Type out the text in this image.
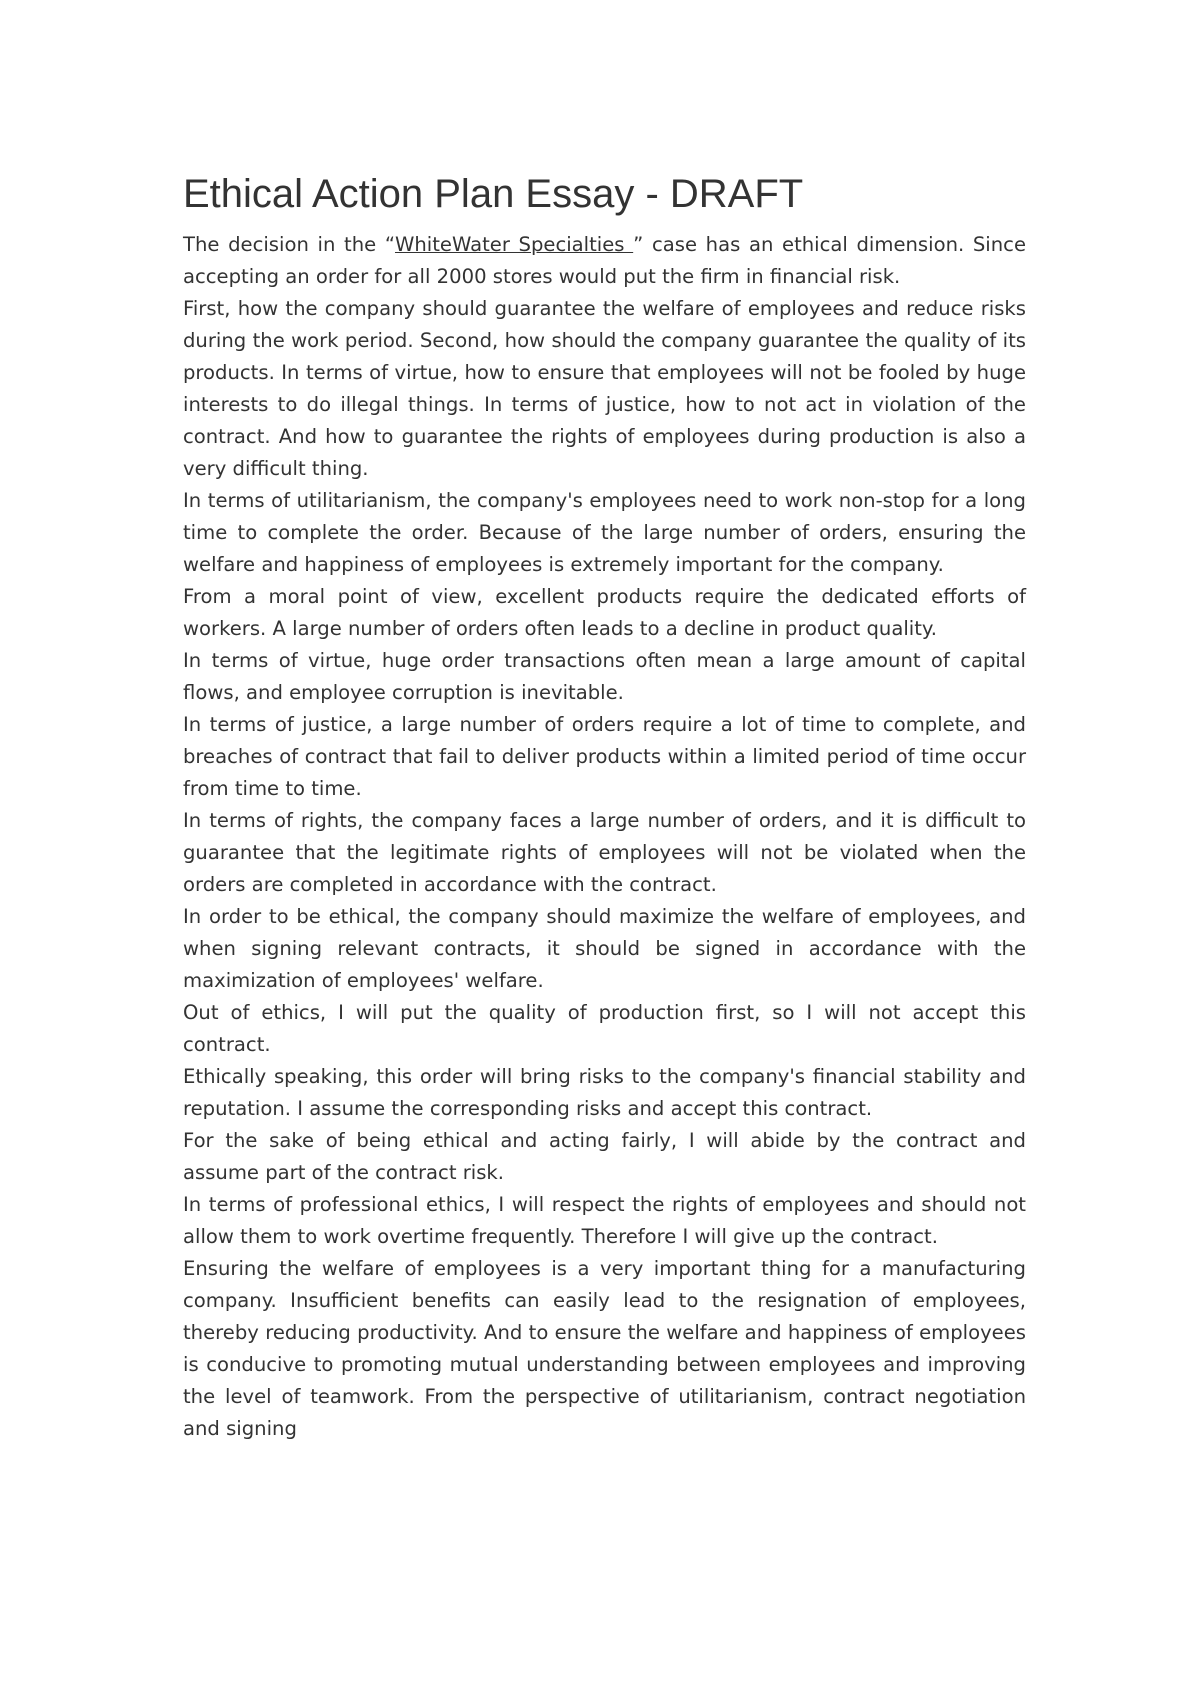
Ethical Action Plan Essay - DRAFT

The decision in the “WhiteWater Specialties ” case has an ethical dimension. Since accepting an order for all 2000 stores would put the firm in financial risk.

First, how the company should guarantee the welfare of employees and reduce risks during the work period. Second, how should the company guarantee the quality of its products. In terms of virtue, how to ensure that employees will not be fooled by huge interests to do illegal things. In terms of justice, how to not act in violation of the contract. And how to guarantee the rights of employees during production is also a very difficult thing.

In terms of utilitarianism, the company's employees need to work non-stop for a long time to complete the order. Because of the large number of orders, ensuring the welfare and happiness of employees is extremely important for the company.

From a moral point of view, excellent products require the dedicated efforts of workers. A large number of orders often leads to a decline in product quality.

In terms of virtue, huge order transactions often mean a large amount of capital flows, and employee corruption is inevitable.

In terms of justice, a large number of orders require a lot of time to complete, and breaches of contract that fail to deliver products within a limited period of time occur from time to time.

In terms of rights, the company faces a large number of orders, and it is difficult to guarantee that the legitimate rights of employees will not be violated when the orders are completed in accordance with the contract.

In order to be ethical, the company should maximize the welfare of employees, and when signing relevant contracts, it should be signed in accordance with the maximization of employees' welfare.

Out of ethics, I will put the quality of production first, so I will not accept this contract.

Ethically speaking, this order will bring risks to the company's financial stability and reputation. I assume the corresponding risks and accept this contract.

For the sake of being ethical and acting fairly, I will abide by the contract and assume part of the contract risk.

In terms of professional ethics, I will respect the rights of employees and should not allow them to work overtime frequently. Therefore I will give up the contract.

Ensuring the welfare of employees is a very important thing for a manufacturing company. Insufficient benefits can easily lead to the resignation of employees, thereby reducing productivity. And to ensure the welfare and happiness of employees is conducive to promoting mutual understanding between employees and improving the level of teamwork. From the perspective of utilitarianism, contract negotiation and signing
